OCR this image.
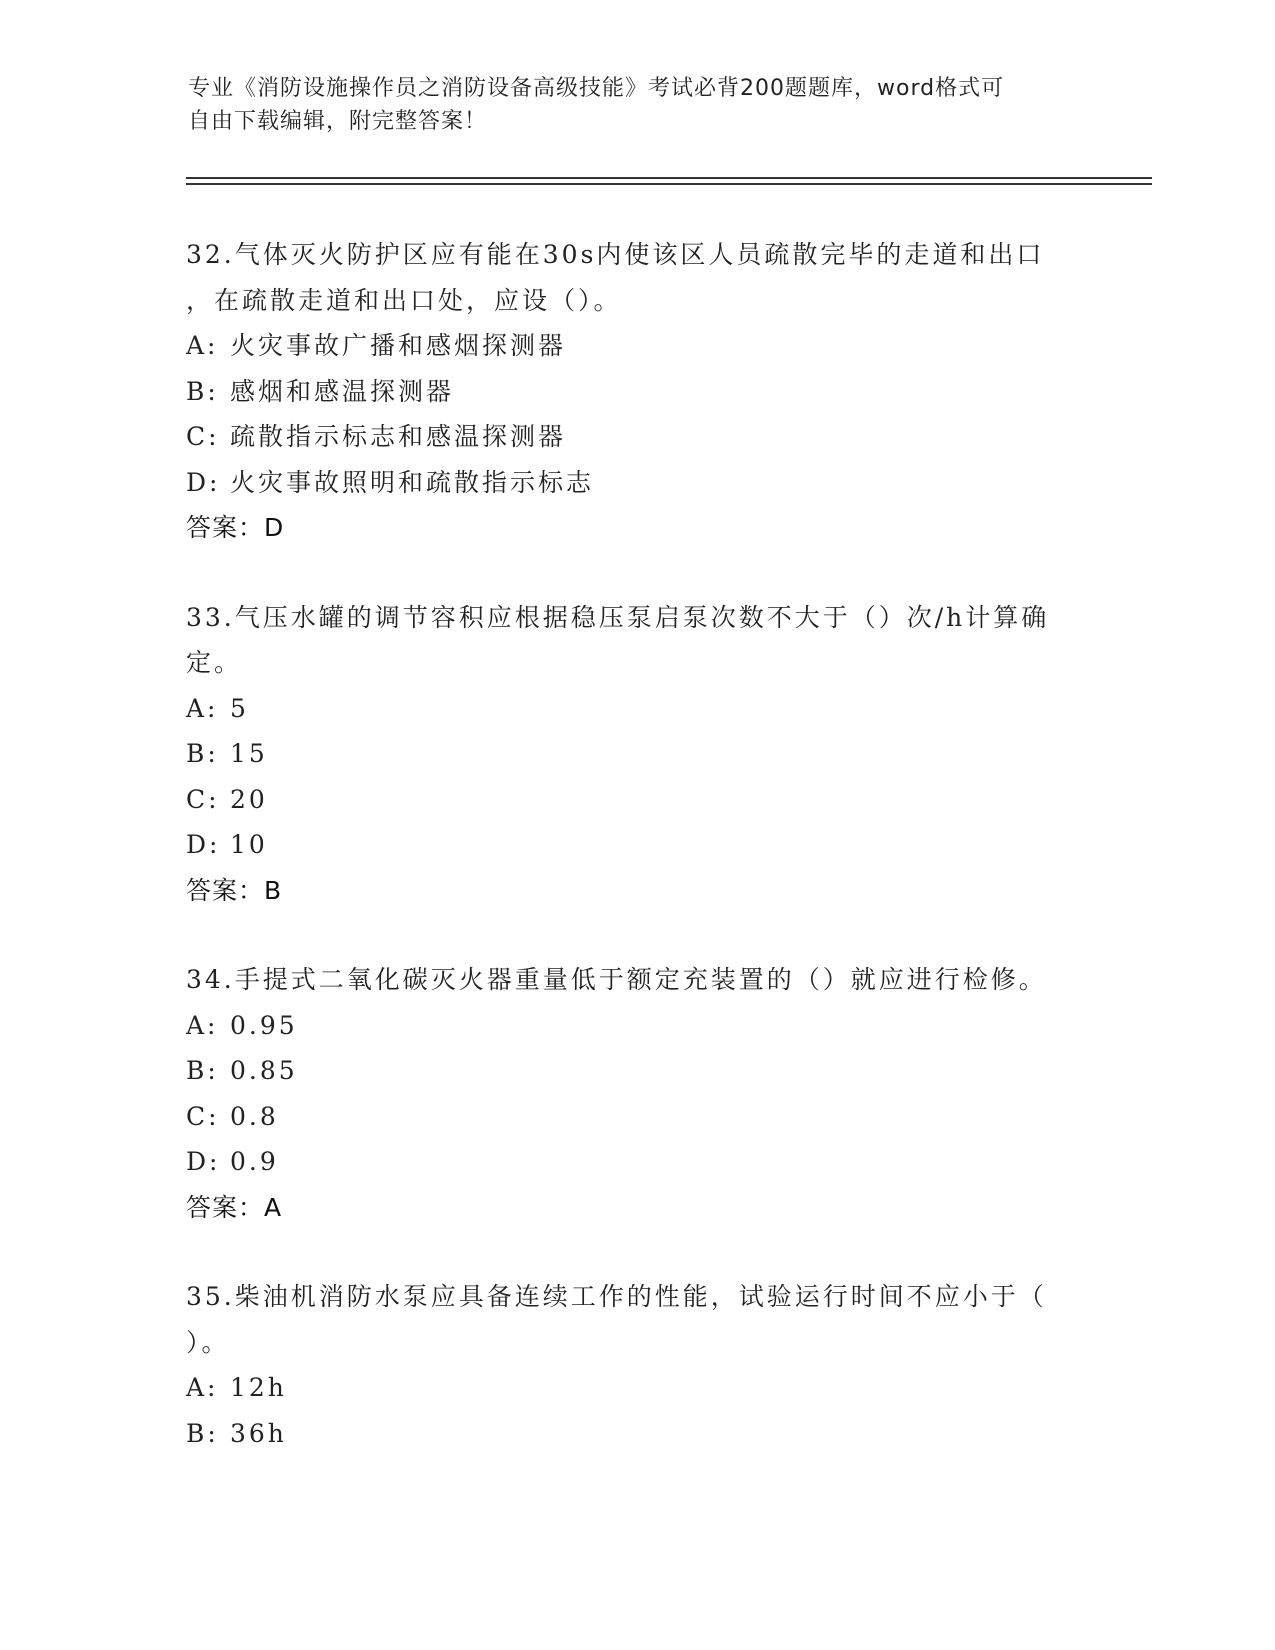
专业《消防设施操作员之消防设备高级技能》考试必背200题题库，word格式可

自由下载编辑，附完整答案！

32.气体灭火防护区应有能在30s内使该区人员疏散完毕的走道和出口
，在疏散走道和出口处，应设（）。

A: 火灾事故广播和感烟探测器

B: 感烟和感温探测器

C: 疏散指示标志和感温探测器

D: 火灾事故照明和疏散指示标志

答案：D

33.气压水罐的调节容积应根据稳压泵启泵次数不大于（）次/h计算确
定。

A: 5

B: 15

C: 20

D: 10

答案：B

34.手提式二氧化碳灭火器重量低于额定充装置的（）就应进行检修。

A: 0.95

B: 0.85

C: 0.8

D: 0.9

答案：A

35.柴油机消防水泵应具备连续工作的性能，试验运行时间不应小于（
）。

A: 12h

B: 36h
